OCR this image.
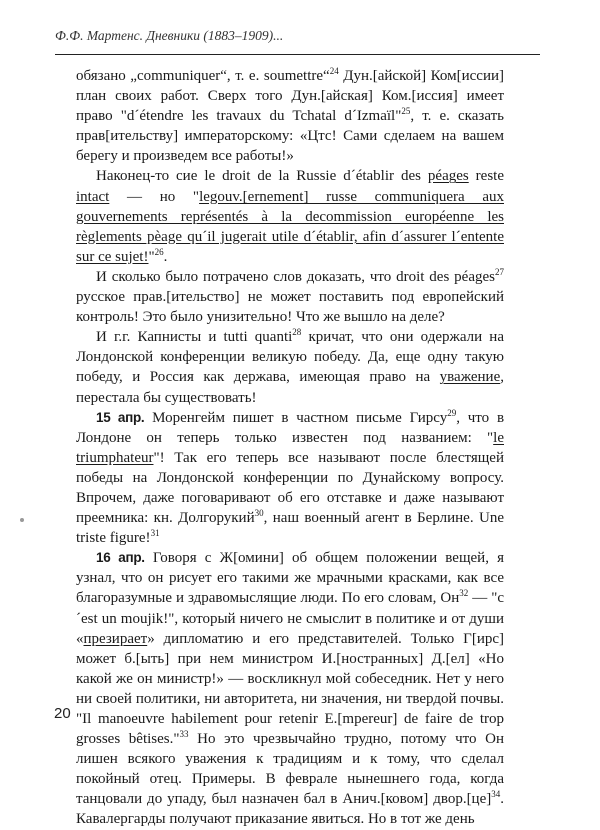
Ф.Ф. Мартенс. Дневники (1883–1909)...

обязано „communiquer“, т. е. soumettre“$^{24}$ Дун.[айской] Ком[иссии] план своих работ. Сверх того Дун.[айская] Ком.[иссия] имеет право "d´étendre les travaux du Tchatal d´Izmaïl"$^{25}$, т. е. сказать прав[ительству] императорскому: «Цтс! Сами сделаем на вашем берегу и произведем все работы!»

Наконец-то сие le droit de la Russie d´établir des péages reste intact — но "legouv.[ernement] russe communiquera aux gouvernements représentés à la decommission européenne les règlements pèage qu´il jugerait utile d´établir, afin d´assurer l´entente sur ce sujet!"$^{26}$.

И сколько было потрачено слов доказать, что droit des péages$^{27}$ русское прав.[ительство] не может поставить под европейский контроль! Это было унизительно! Что же вышло на деле?

И г.г. Капнисты и tutti quanti$^{28}$ кричат, что они одержали на Лондонской конференции великую победу. Да, еще одну такую победу, и Россия как держава, имеющая право на уважение, перестала бы существовать!

15 апр. Моренгейм пишет в частном письме Гирсу$^{29}$, что в Лондоне он теперь только известен под названием: "le triumphateur"! Так его теперь все называют после блестящей победы на Лондонской конференции по Дунайскому вопросу. Впрочем, даже поговаривают об его отставке и даже называют преемника: кн. Долгорукий$^{30}$, наш военный агент в Берлине. Une triste figure!$^{31}$

16 апр. Говоря с Ж[омини] об общем положении вещей, я узнал, что он рисует его такими же мрачными красками, как все благоразумные и здравомыслящие люди. По его словам, $Он^{32}$ — "c´est un moujik!", который ничего не смыслит в политике и от души «презирает» дипломатию и его представителей. Только Г[ирс] может б.[ыть] при нем министром И.[ностранных] Д.[ел] «Но какой же он министр!» — воскликнул мой собеседник. Нет у него ни своей политики, ни авторитета, ни значения, ни твердой почвы. "Il manoeuvre habilement pour retenir E.[mpereur] de faire de trop grosses bêtises."$^{33}$ Но это чрезвычайно трудно, потому что Он лишен всякого уважения к традициям и к тому, что сделал покойный отец. Примеры. В феврале нынешнего года, когда танцовали до упаду, был назначен бал в Анич.[ковом] двор.[це]$^{34}$. Кавалергарды получают приказание явиться. Но в тот же день

20
